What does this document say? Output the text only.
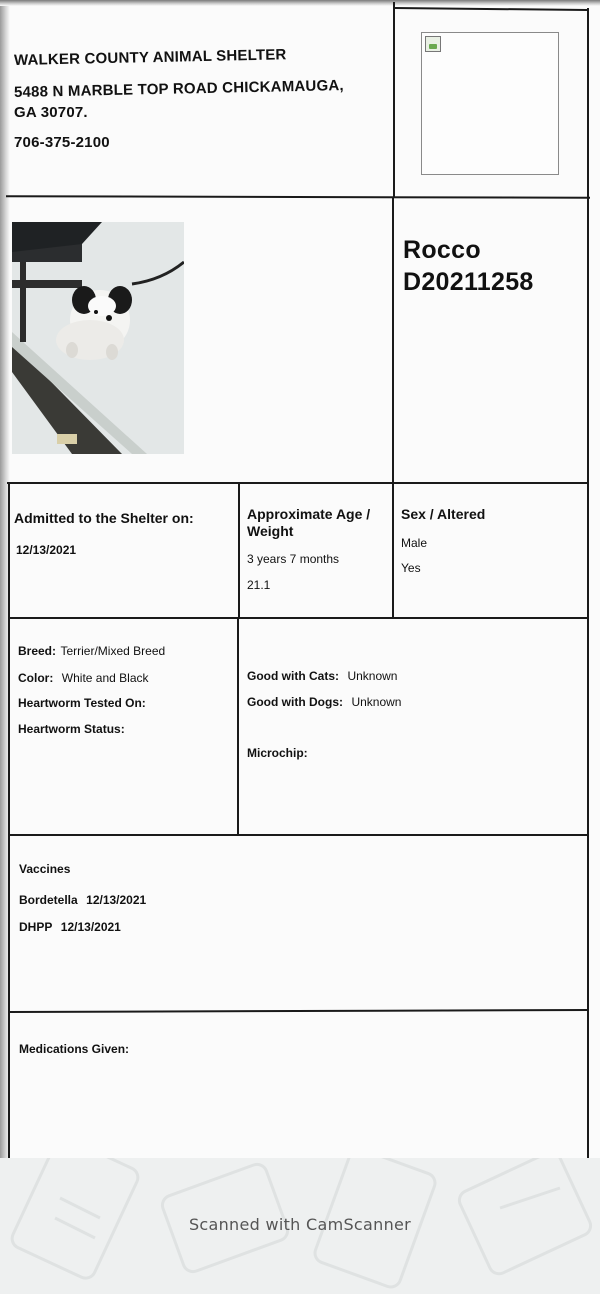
WALKER COUNTY ANIMAL SHELTER
5488 N MARBLE TOP ROAD CHICKAMAUGA,
GA 30707.
706-375-2100
Rocco
D20211258
Admitted to the Shelter on:
12/13/2021
Approximate Age /
Weight
3 years 7 months
21.1
Sex / Altered
Male
Yes
Breed: Terrier/Mixed Breed
Color: White and Black
Heartworm Tested On:
Heartworm Status:
Good with Cats: Unknown
Good with Dogs: Unknown
Microchip:
Vaccines
Bordetella 12/13/2021
DHPP 12/13/2021
Medications Given:
Scanned with CamScanner
